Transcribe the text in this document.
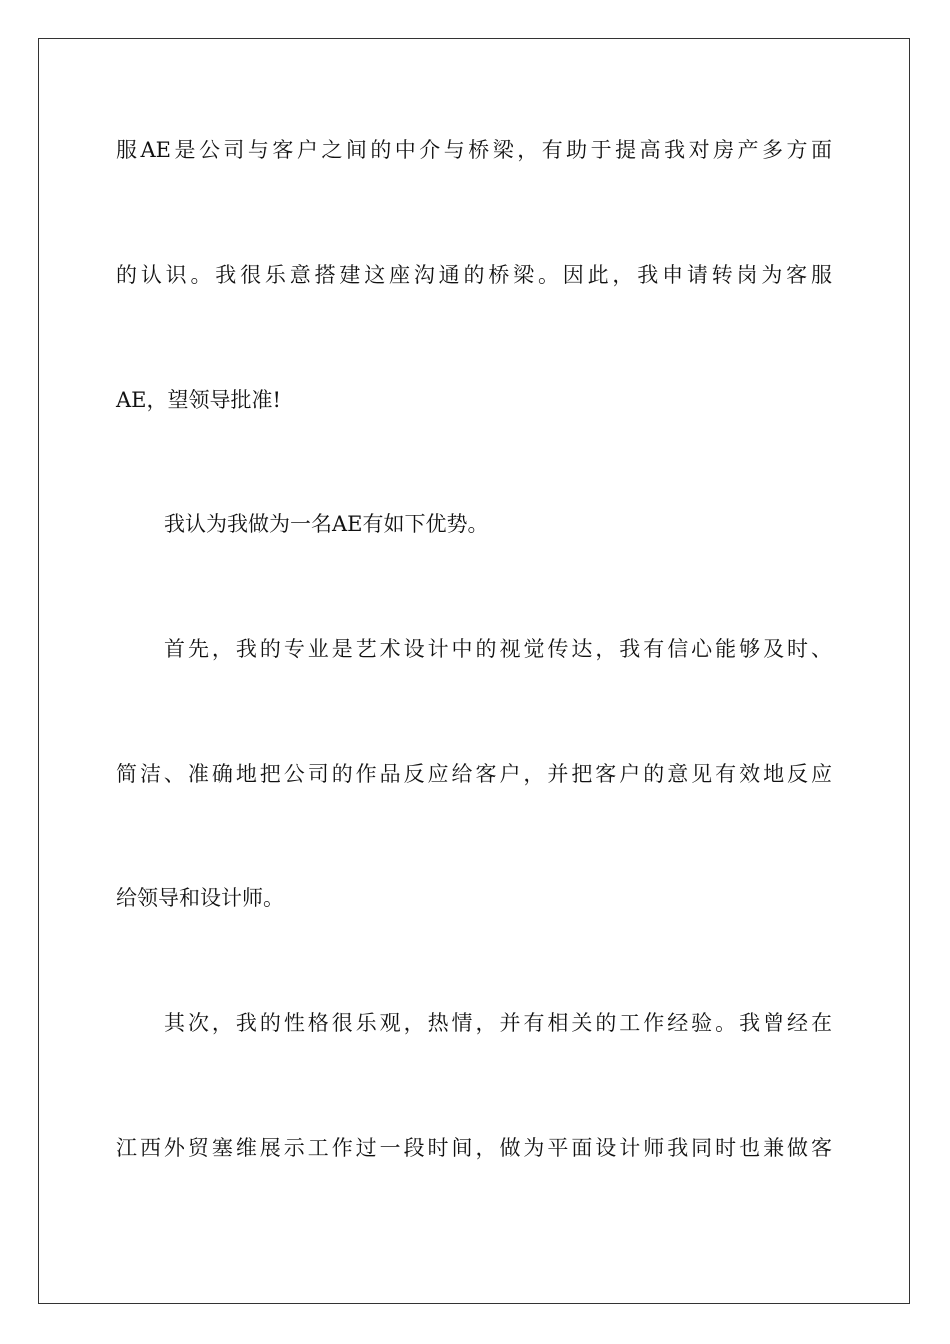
服AE是公司与客户之间的中介与桥梁，有助于提高我对房产多方面
的认识。我很乐意搭建这座沟通的桥梁。因此，我申请转岗为客服
AE，望领导批准!
我认为我做为一名AE有如下优势。
首先，我的专业是艺术设计中的视觉传达，我有信心能够及时、
简洁、准确地把公司的作品反应给客户，并把客户的意见有效地反应
给领导和设计师。
其次，我的性格很乐观，热情，并有相关的工作经验。我曾经在
江西外贸塞维展示工作过一段时间，做为平面设计师我同时也兼做客
